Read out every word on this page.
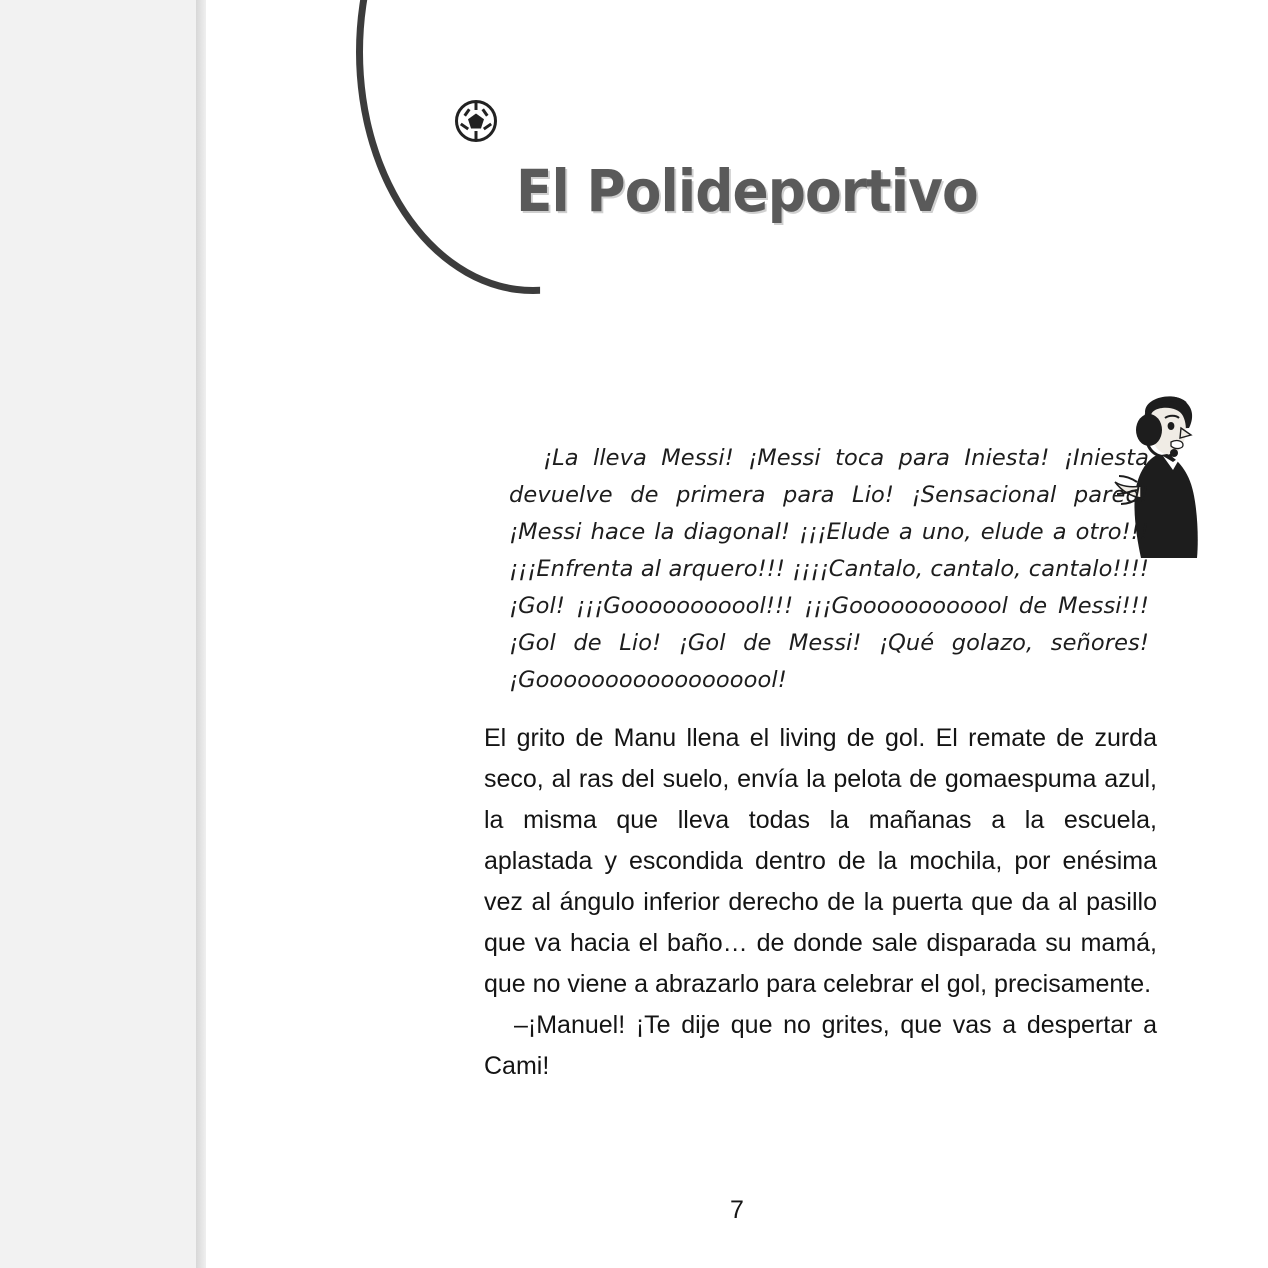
El Polideportivo
¡La lleva Messi! ¡Messi toca para Iniesta! ¡Iniesta devuelve de primera para Lio! ¡Sensacional pared! ¡Messi hace la diagonal! ¡¡¡Elude a uno, elude a otro!!! ¡¡¡Enfrenta al arquero!!! ¡¡¡¡Cantalo, cantalo, cantalo!!!! ¡Gol! ¡¡¡Gooooooooool!!! ¡¡¡Goooooooooool de Messi!!! ¡Gol de Lio! ¡Gol de Messi! ¡Qué golazo, señores! ¡Goooooooooooooooool!

El grito de Manu llena el living de gol. El remate de zurda seco, al ras del suelo, envía la pelota de gomaespuma azul, la misma que lleva todas la mañanas a la escuela, aplastada y escondida dentro de la mochila, por enésima vez al ángulo inferior derecho de la puerta que da al pasillo que va hacia el baño… de donde sale disparada su mamá, que no viene a abrazarlo para celebrar el gol, precisamente.

–¡Manuel! ¡Te dije que no grites, que vas a despertar a Cami!

7
